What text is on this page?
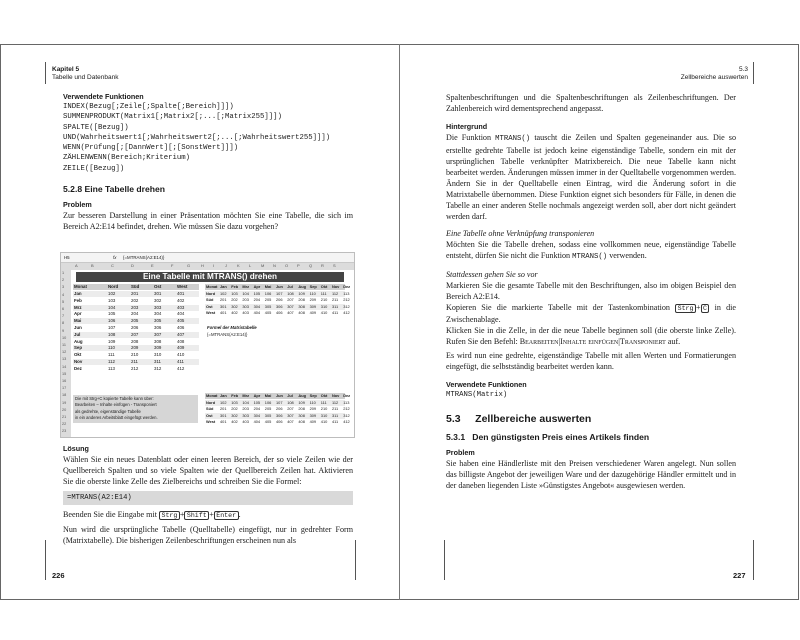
Kapitel 5
Tabelle und Datenbank
Verwendete Funktionen
INDEX(Bezug[;Zeile[;Spalte[;Bereich]]])
SUMMENPRODUKT(Matrix1[;Matrix2[;...[;Matrix255]]])
SPALTE([Bezug])
UND(Wahrheitswert1[;Wahrheitswert2[;...[;Wahrheitswert255]]])
WENN(Prüfung[;[DannWert][;[SonstWert]]])
ZÄHLENWENN(Bereich;Kriterium)
ZEILE([Bezug])
5.2.8 Eine Tabelle drehen
Problem
Zur besseren Darstellung in einer Präsentation möchten Sie eine Tabelle, die sich im Bereich A2:E14 befindet, drehen. Wie müssen Sie dazu vorgehen?
H5	fx {=MTRANS(A2:E14)}
A	B	C	D	E	F	G	H I	J	K L M N O P Q R S
1
2
3
4
5
6
7
8
9
10
11
12
13
14
15
16
17
18
19
20
21
22
23
Eine Tabelle mit MTRANS() drehen
Monat	Nord	Süd	Ost	West
Jan	102	201	301	401
Feb	103	202	302	402
Mrz	104	203	303	403
Apr	105	204	304	404
Mai	106	205	305	405
Jun	107	206	306	406
Jul	108	207	307	407
Aug	109	208	308	408
Sep	110	209	309	409
Okt	111	210	310	410
Nov	112	211	311	411
Dez	113	212	312	412
Monat Jan Feb Mrz Apr Mai Jun Jul Aug Sep Okt Nov Dez
Nord 102 103 104 105 106 107 108 109 110 111 112 113
Süd 201 202 203 204 205 206 207 208 209 210 211 212
Ost 301 302 303 304 305 306 307 308 309 310 311 312
West 401 402 403 404 405 406 407 408 409 410 411 412
Monat Jan Feb Mrz Apr Mai Jun Jul Aug Sep Okt Nov Dez
Nord 102 103 104 105 106 107 108 109 110 111 112 113
Süd 201 202 203 204 205 206 207 208 209 210 211 212
Ost 301 302 303 304 305 306 307 308 309 310 311 312
West 401 402 403 404 405 406 407 408 409 410 411 412
Formel der Matrixtabelle
{=MTRANS(A2:E14)}
Die mit Strg+C kopierte Tabelle kann über:
Bearbeiten – Inhalte einfügen - Transponiert
als gedrehte, eigenständige Tabelle
in ein anderes Arbeitsblatt eingefügt werden.
Lösung
Wählen Sie ein neues Datenblatt oder einen leeren Bereich, der so viele Zeilen wie der Quellbereich Spalten und so viele Spalten wie der Quellbereich Zeilen hat. Aktivieren Sie die oberste linke Zelle des Zielbereichs und schreiben Sie die Formel:
=MTRANS(A2:E14)
Beenden Sie die Eingabe mit Strg + Shift + Enter .
Nun wird die ursprüngliche Tabelle (Quelltabelle) eingefügt, nur in gedrehter Form (Matrixtabelle). Die bisherigen Zeilenbeschriftungen erscheinen nun als
226
5.3
Zellbereiche auswerten
Spaltenbeschriftungen und die Spaltenbeschriftungen als Zeilenbeschriftungen. Der Zahlenbereich wird dementsprechend angepasst.
Hintergrund
Die Funktion MTRANS() tauscht die Zeilen und Spalten gegeneinander aus. Die so erstellte gedrehte Tabelle ist jedoch keine eigenständige Tabelle, sondern ein mit der ursprünglichen Tabelle verknüpfter Matrixbereich. Die neue Tabelle kann nicht bearbeitet werden. Änderungen müssen immer in der Quelltabelle vorgenommen werden. Ändern Sie in der Quelltabelle einen Eintrag, wird die Änderung sofort in die Matrixtabelle übernommen. Diese Funktion eignet sich besonders für Fälle, in denen die Tabelle an einer anderen Stelle nochmals angezeigt werden soll, aber dort nicht geändert werden darf.
Eine Tabelle ohne Verknüpfung transponieren
Möchten Sie die Tabelle drehen, sodass eine vollkommen neue, eigenständige Tabelle entsteht, dürfen Sie nicht die Funktion MTRANS() verwenden.
Stattdessen gehen Sie so vor
Markieren Sie die gesamte Tabelle mit den Beschriftungen, also im obigen Beispiel den Bereich A2:E14.
Kopieren Sie die markierte Tabelle mit der Tastenkombination Strg + C in die Zwischenablage.
Klicken Sie in die Zelle, in der die neue Tabelle beginnen soll (die oberste linke Zelle). Rufen Sie den Befehl: Bearbeiten|Inhalte einfügen|Transponiert auf.
Es wird nun eine gedrehte, eigenständige Tabelle mit allen Werten und Formatierungen eingefügt, die selbstständig bearbeitet werden kann.
Verwendete Funktionen
MTRANS(Matrix)
5.3     Zellbereiche auswerten
5.3.1   Den günstigsten Preis eines Artikels finden
Problem
Sie haben eine Händlerliste mit den Preisen verschiedener Waren angelegt. Nun sollen das billigste Angebot der jeweiligen Ware und der dazugehörige Händler ermittelt und in der daneben liegenden Liste »Günstigstes Angebot« ausgewiesen werden.
227
